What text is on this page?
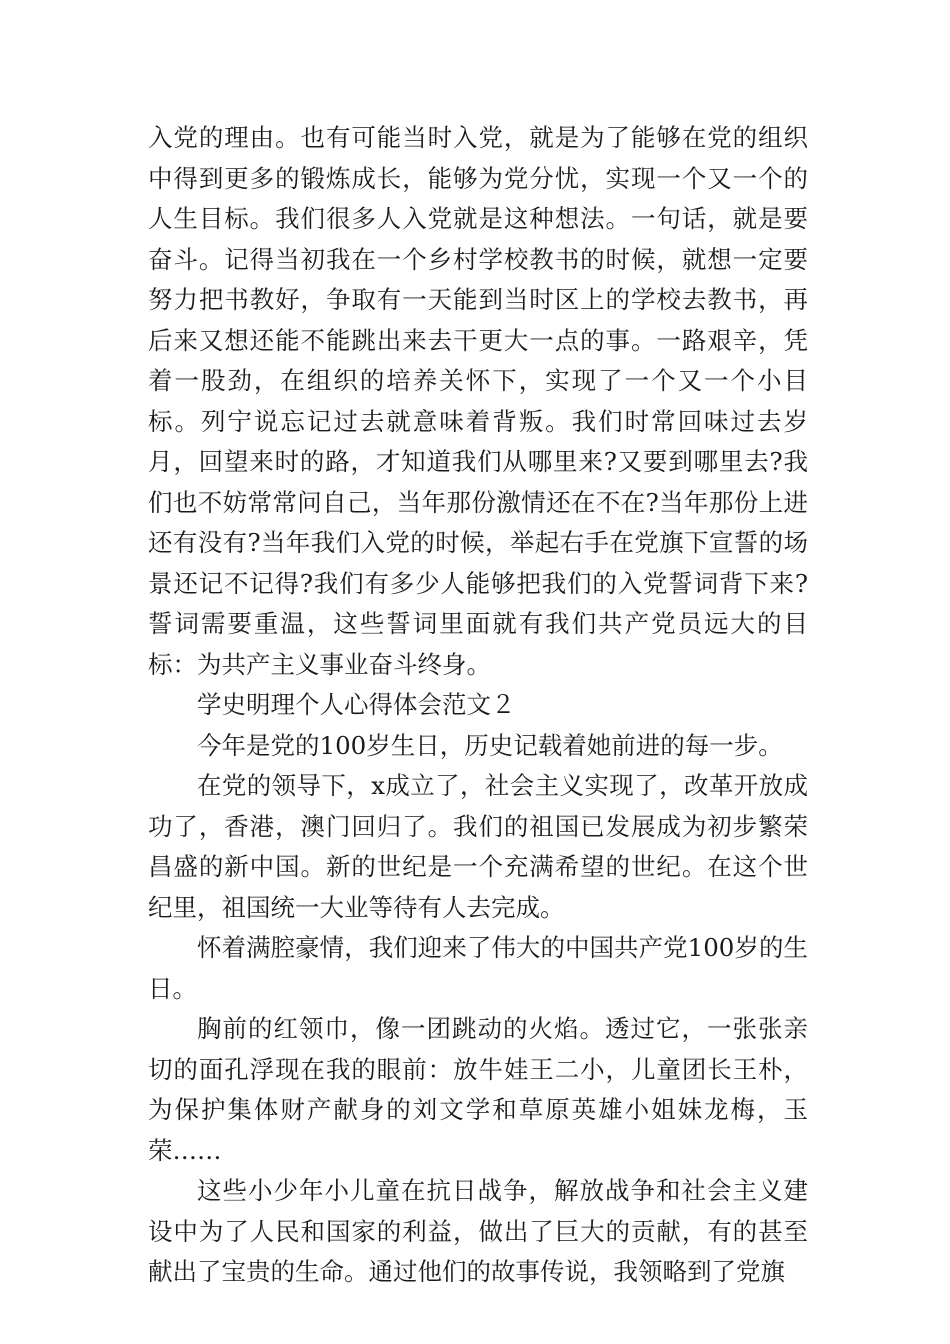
入党的理由。也有可能当时入党，就是为了能够在党的组织中得到更多的锻炼成长，能够为党分忧，实现一个又一个的人生目标。我们很多人入党就是这种想法。一句话，就是要奋斗。记得当初我在一个乡村学校教书的时候，就想一定要努力把书教好，争取有一天能到当时区上的学校去教书，再后来又想还能不能跳出来去干更大一点的事。一路艰辛，凭着一股劲，在组织的培养关怀下，实现了一个又一个小目标。列宁说忘记过去就意味着背叛。我们时常回味过去岁月，回望来时的路，才知道我们从哪里来?又要到哪里去?我们也不妨常常问自己，当年那份激情还在不在?当年那份上进还有没有?当年我们入党的时候，举起右手在党旗下宣誓的场景还记不记得?我们有多少人能够把我们的入党誓词背下来?誓词需要重温，这些誓词里面就有我们共产党员远大的目标：为共产主义事业奋斗终身。

学史明理个人心得体会范文２

今年是党的100岁生日，历史记载着她前进的每一步。

在党的领导下，x成立了，社会主义实现了，改革开放成功了，香港，澳门回归了。我们的祖国已发展成为初步繁荣昌盛的新中国。新的世纪是一个充满希望的世纪。在这个世纪里，祖国统一大业等待有人去完成。

怀着满腔豪情，我们迎来了伟大的中国共产党100岁的生日。

胸前的红领巾，像一团跳动的火焰。透过它，一张张亲切的面孔浮现在我的眼前：放牛娃王二小，儿童团长王朴，为保护集体财产献身的刘文学和草原英雄小姐妹龙梅，玉荣……

这些小少年小儿童在抗日战争，解放战争和社会主义建设中为了人民和国家的利益，做出了巨大的贡献，有的甚至献出了宝贵的生命。通过他们的故事传说，我领略到了党旗
